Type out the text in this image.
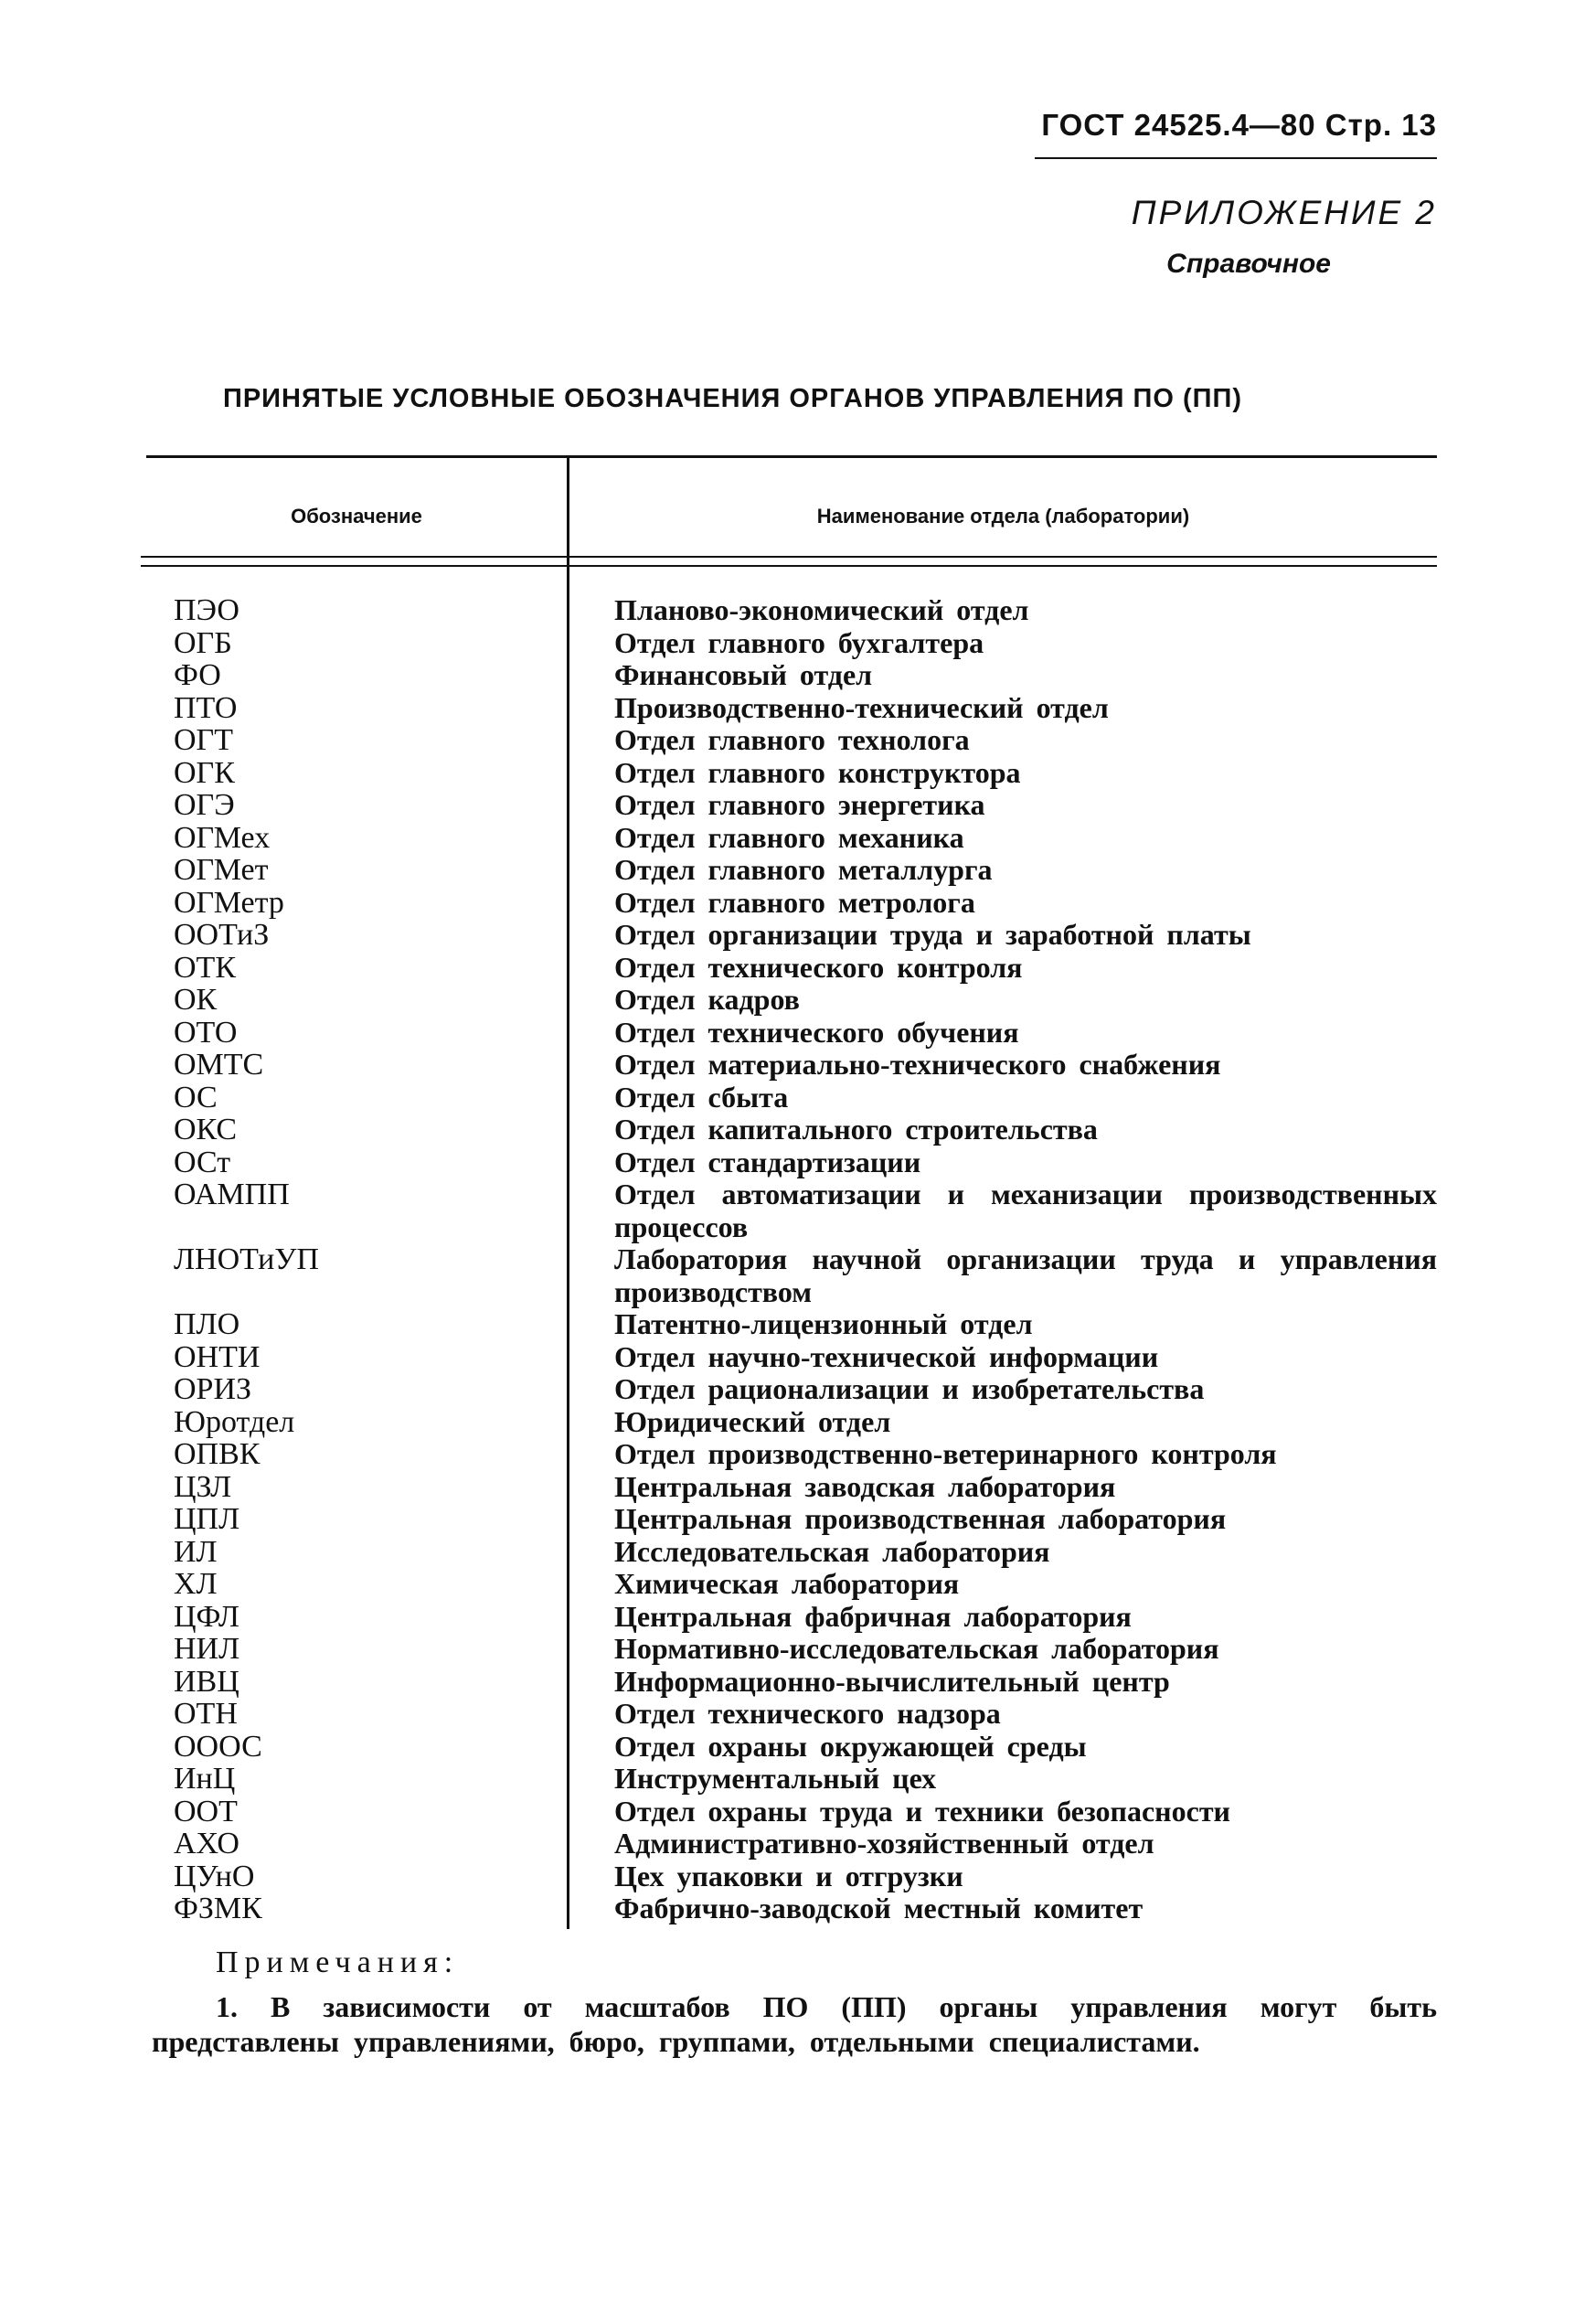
ГОСТ 24525.4—80 Стр. 13
ПРИЛОЖЕНИЕ 2
Справочное
ПРИНЯТЫЕ УСЛОВНЫЕ ОБОЗНАЧЕНИЯ ОРГАНОВ УПРАВЛЕНИЯ ПО (ПП)
Обозначение	Наименование отдела (лаборатории)
ПЭО	Планово-экономический отдел
ОГБ	Отдел главного бухгалтера
ФО	Финансовый отдел
ПТО	Производственно-технический отдел
ОГТ	Отдел главного технолога
ОГК	Отдел главного конструктора
ОГЭ	Отдел главного энергетика
ОГМех	Отдел главного механика
ОГМет	Отдел главного металлурга
ОГМетр	Отдел главного метролога
ООТиЗ	Отдел организации труда и заработной платы
ОТК	Отдел технического контроля
ОК	Отдел кадров
ОТО	Отдел технического обучения
ОМТС	Отдел материально-технического снабжения
ОС	Отдел сбыта
ОКС	Отдел капитального строительства
ОСт	Отдел стандартизации
ОАМПП	Отдел автоматизации и механизации производственных процессов
ЛНОТиУП	Лаборатория научной организации труда и управления производством
ПЛО	Патентно-лицензионный отдел
ОНТИ	Отдел научно-технической информации
ОРИЗ	Отдел рационализации и изобретательства
Юротдел	Юридический отдел
ОПВК	Отдел производственно-ветеринарного контроля
ЦЗЛ	Центральная заводская лаборатория
ЦПЛ	Центральная производственная лаборатория
ИЛ	Исследовательская лаборатория
ХЛ	Химическая лаборатория
ЦФЛ	Центральная фабричная лаборатория
НИЛ	Нормативно-исследовательская лаборатория
ИВЦ	Информационно-вычислительный центр
ОТН	Отдел технического надзора
ОООС	Отдел охраны окружающей среды
ИнЦ	Инструментальный цех
ООТ	Отдел охраны труда и техники безопасности
АХО	Административно-хозяйственный отдел
ЦУнО	Цех упаковки и отгрузки
ФЗМК	Фабрично-заводской местный комитет
Примечания:
1. В зависимости от масштабов ПО (ПП) органы управления могут быть представлены управлениями, бюро, группами, отдельными специалистами.
